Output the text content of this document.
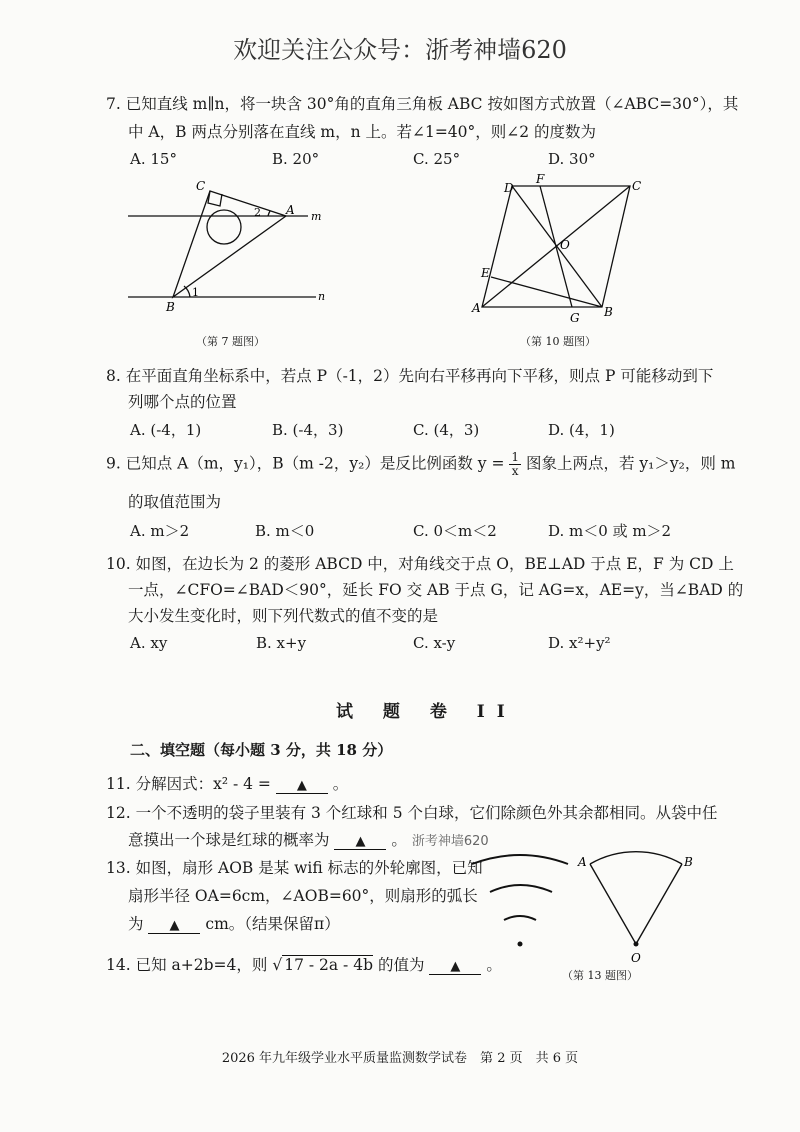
欢迎关注公众号：浙考神墙620
7. 已知直线 m∥n，将一块含 30°角的直角三角板 ABC 按如图方式放置（∠ABC=30°），其
中 A，B 两点分别落在直线 m，n 上。若∠1=40°，则∠2 的度数为
A. 15°	B. 20°	C. 25°	D. 30°
C
A m
n
B
1
2
（第 7 题图）
D
F	C
O
E
A
G B
（第 10 题图）
8. 在平面直角坐标系中，若点 P（-1，2）先向右平移再向下平移，则点 P 可能移动到下
列哪个点的位置
A. (-4，1)	B. (-4，3)	C. (4，3)	D. (4，1)
9. 已知点 A（m，y₁），B（m -2，y₂）是反比例函数 $y = \frac{1}{x}$ 图象上两点，若 y₁＞y₂，则 m
的取值范围为
A. m＞2	B. m＜0	C. 0＜m＜2	D. m＜0 或 m＞2
10. 如图，在边长为 2 的菱形 ABCD 中，对角线交于点 O，BE⊥AD 于点 E，F 为 CD 上
一点，∠CFO=∠BAD＜90°，延长 FO 交 AB 于点 G，记 AG=x，AE=y，当∠BAD 的
大小发生变化时，则下列代数式的值不变的是
A. xy	B. x+y	C. x-y	D. x²+y²
试 题 卷 II
二、填空题（每小题 3 分，共 18 分）
11. 分解因式：x² - 4 = ▲ 。
12. 一个不透明的袋子里装有 3 个红球和 5 个白球，它们除颜色外其余都相同。从袋中任
意摸出一个球是红球的概率为 ▲ 。 浙考神墙620
13. 如图，扇形 AOB 是某 wifi 标志的外轮廓图，已知
扇形半径 OA=6cm，∠AOB=60°，则扇形的弧长
为 ▲ cm。（结果保留π）
A	B
O
（第 13 题图）
14. 已知 a+2b=4，则 √ 17 - 2a - 4b 的值为 ▲ 。
2026 年九年级学业水平质量监测数学试卷　第 2 页　共 6 页
